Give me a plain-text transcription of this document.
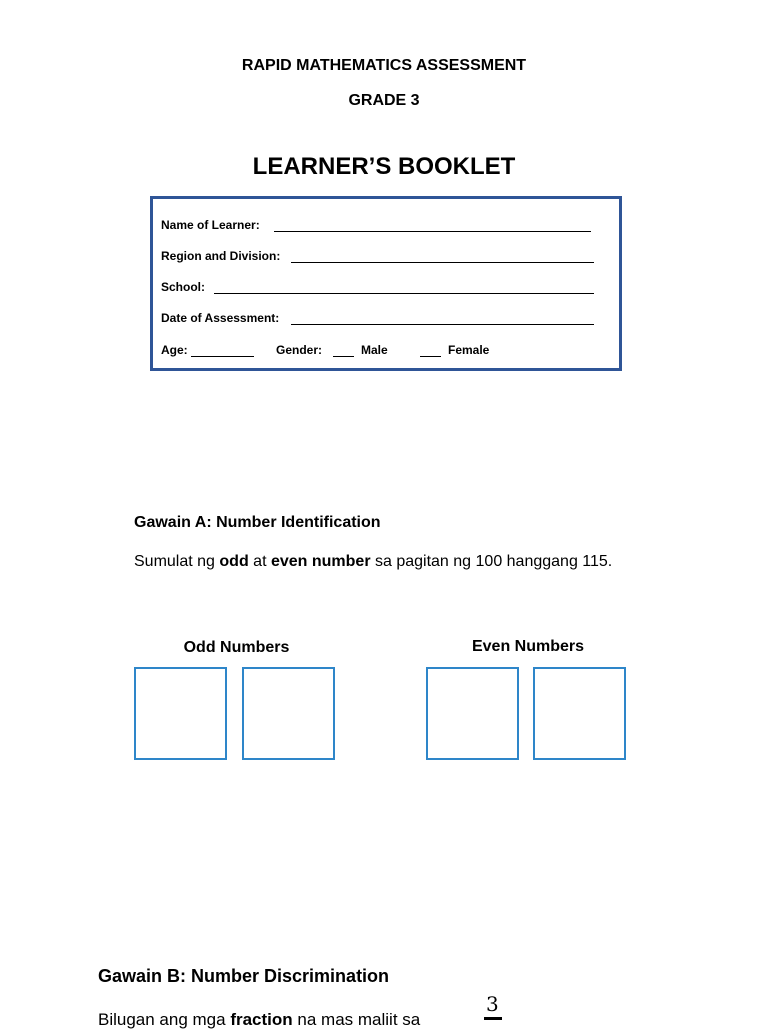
RAPID MATHEMATICS ASSESSMENT
GRADE 3
LEARNER’S BOOKLET
Name of Learner:
Region and Division:
School:
Date of Assessment:
Age:	Gender:	Male	Female
Gawain A: Number Identification
Sumulat ng odd at even number sa pagitan ng 100 hanggang 115.
Odd Numbers	Even Numbers
Gawain B: Number Discrimination
Bilugan ang mga fraction na mas maliit sa
3
